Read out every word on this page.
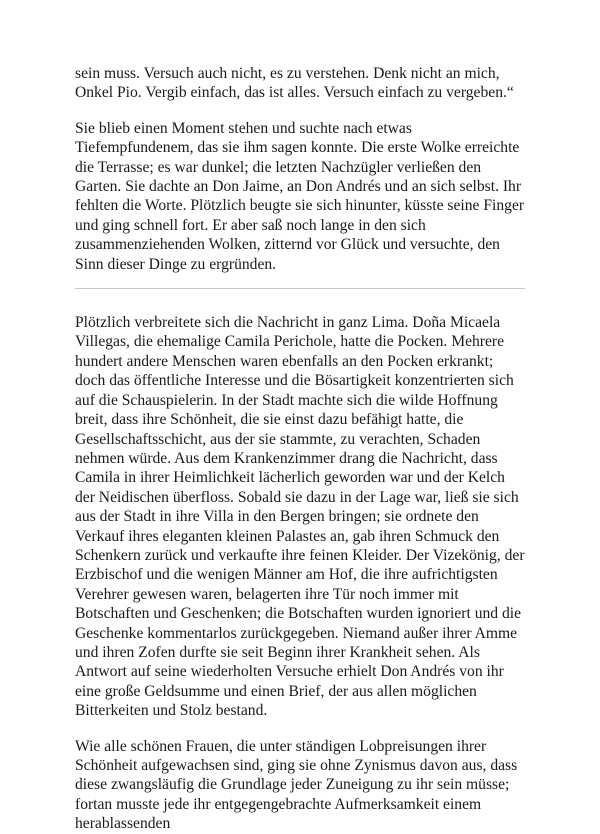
sein muss. Versuch auch nicht, es zu verstehen. Denk nicht an mich, Onkel Pio. Vergib einfach, das ist alles. Versuch einfach zu vergeben.“

Sie blieb einen Moment stehen und suchte nach etwas Tiefempfundenem, das sie ihm sagen konnte. Die erste Wolke erreichte die Terrasse; es war dunkel; die letzten Nachzügler verließen den Garten. Sie dachte an Don Jaime, an Don Andrés und an sich selbst. Ihr fehlten die Worte. Plötzlich beugte sie sich hinunter, küsste seine Finger und ging schnell fort. Er aber saß noch lange in den sich zusammenziehenden Wolken, zitternd vor Glück und versuchte, den Sinn dieser Dinge zu ergründen.

Plötzlich verbreitete sich die Nachricht in ganz Lima. Doña Micaela Villegas, die ehemalige Camila Perichole, hatte die Pocken. Mehrere hundert andere Menschen waren ebenfalls an den Pocken erkrankt; doch das öffentliche Interesse und die Bösartigkeit konzentrierten sich auf die Schauspielerin. In der Stadt machte sich die wilde Hoffnung breit, dass ihre Schönheit, die sie einst dazu befähigt hatte, die Gesellschaftsschicht, aus der sie stammte, zu verachten, Schaden nehmen würde. Aus dem Krankenzimmer drang die Nachricht, dass Camila in ihrer Heimlichkeit lächerlich geworden war und der Kelch der Neidischen überfloss. Sobald sie dazu in der Lage war, ließ sie sich aus der Stadt in ihre Villa in den Bergen bringen; sie ordnete den Verkauf ihres eleganten kleinen Palastes an, gab ihren Schmuck den Schenkern zurück und verkaufte ihre feinen Kleider. Der Vizekönig, der Erzbischof und die wenigen Männer am Hof, die ihre aufrichtigsten Verehrer gewesen waren, belagerten ihre Tür noch immer mit Botschaften und Geschenken; die Botschaften wurden ignoriert und die Geschenke kommentarlos zurückgegeben. Niemand außer ihrer Amme und ihren Zofen durfte sie seit Beginn ihrer Krankheit sehen. Als Antwort auf seine wiederholten Versuche erhielt Don Andrés von ihr eine große Geldsumme und einen Brief, der aus allen möglichen Bitterkeiten und Stolz bestand.

Wie alle schönen Frauen, die unter ständigen Lobpreisungen ihrer Schönheit aufgewachsen sind, ging sie ohne Zynismus davon aus, dass diese zwangsläufig die Grundlage jeder Zuneigung zu ihr sein müsse; fortan musste jede ihr entgegengebrachte Aufmerksamkeit einem herablassenden
